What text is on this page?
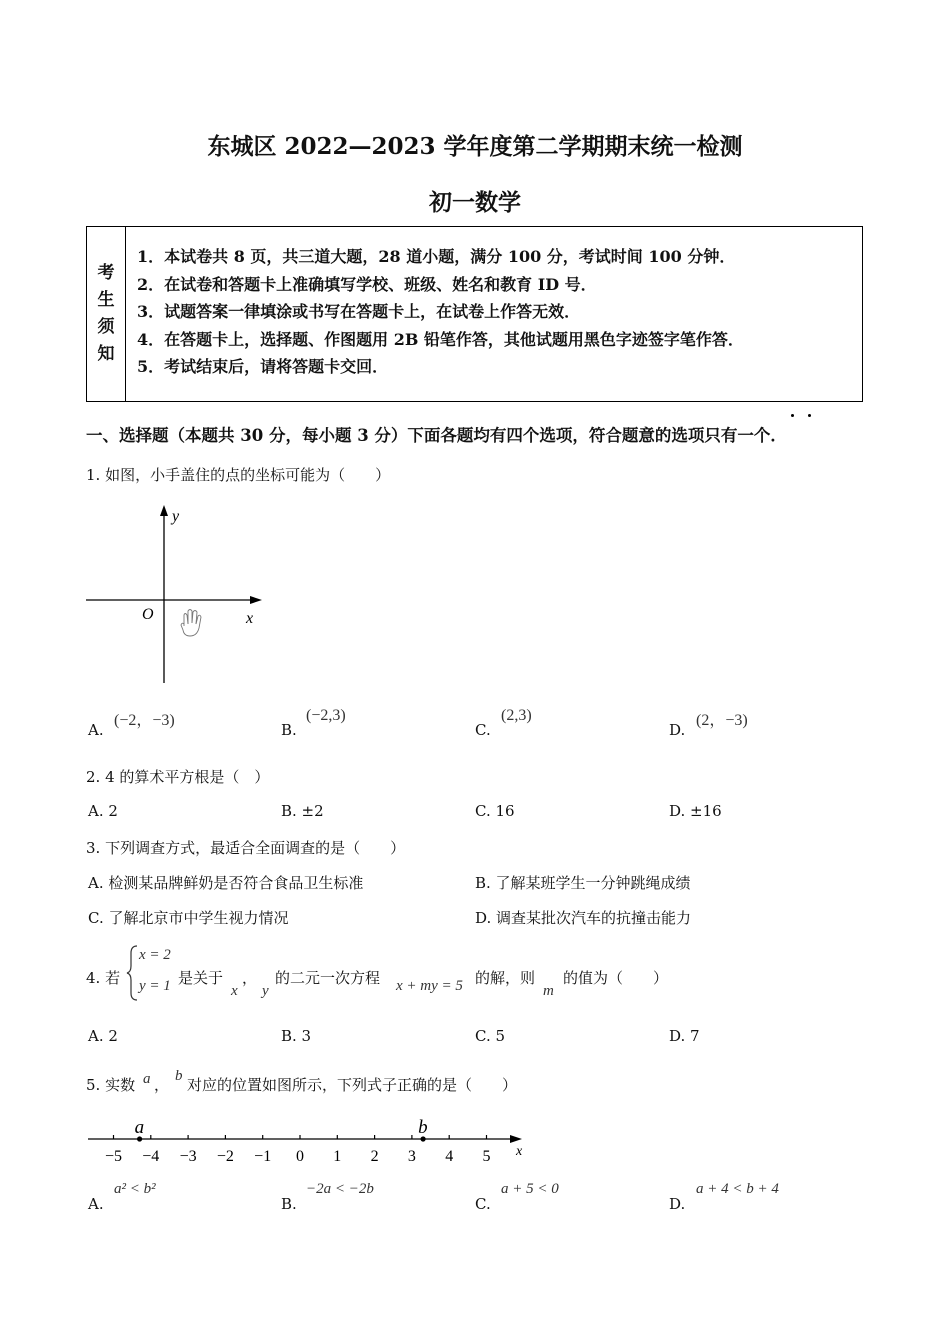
东城区 2022—2023 学年度第二学期期末统一检测
初一数学
考
生
须
知
1．本试卷共 8 页，共三道大题，28 道小题，满分 100 分，考试时间 100 分钟．
2．在试卷和答题卡上准确填写学校、班级、姓名和教育 ID 号．
3．试题答案一律填涂或书写在答题卡上，在试卷上作答无效．
4．在答题卡上，选择题、作图题用 2B 铅笔作答，其他试题用黑色字迹签字笔作答．
5．考试结束后，请将答题卡交回．
一、选择题（本题共 30 分，每小题 3 分）下面各题均有四个选项，符合题意的选项只有一个．
1. 如图，小手盖住的点的坐标可能为（　　）
y
x
O
A.
(−2，−3)
B.
(−2,3)
C.
(2,3)
D.
(2，−3)
2. 4 的算术平方根是（　）
A. 2	B. ±2	C. 16	D. ±16
3. 下列调查方式，最适合全面调查的是（　　）
A. 检测某品牌鲜奶是否符合食品卫生标准	B. 了解某班学生一分钟跳绳成绩
C. 了解北京市中学生视力情况	D. 调查某批次汽车的抗撞击能力
4. 若
x = 2
y = 1 是关于
x
，
y
的二元一次方程 x + my = 5 的解，则
m
的值为（　　）
A. 2	B. 3	C. 5	D. 7
5. 实数 a ， b 对应的位置如图所示，下列式子正确的是（　　）
x
−5 −4 −3 −2 −1 0 1 2 3 4 5
a	b
A.
a² < b²
B.
−2a < −2b
C.
a + 5 < 0
D.
a + 4 < b + 4
